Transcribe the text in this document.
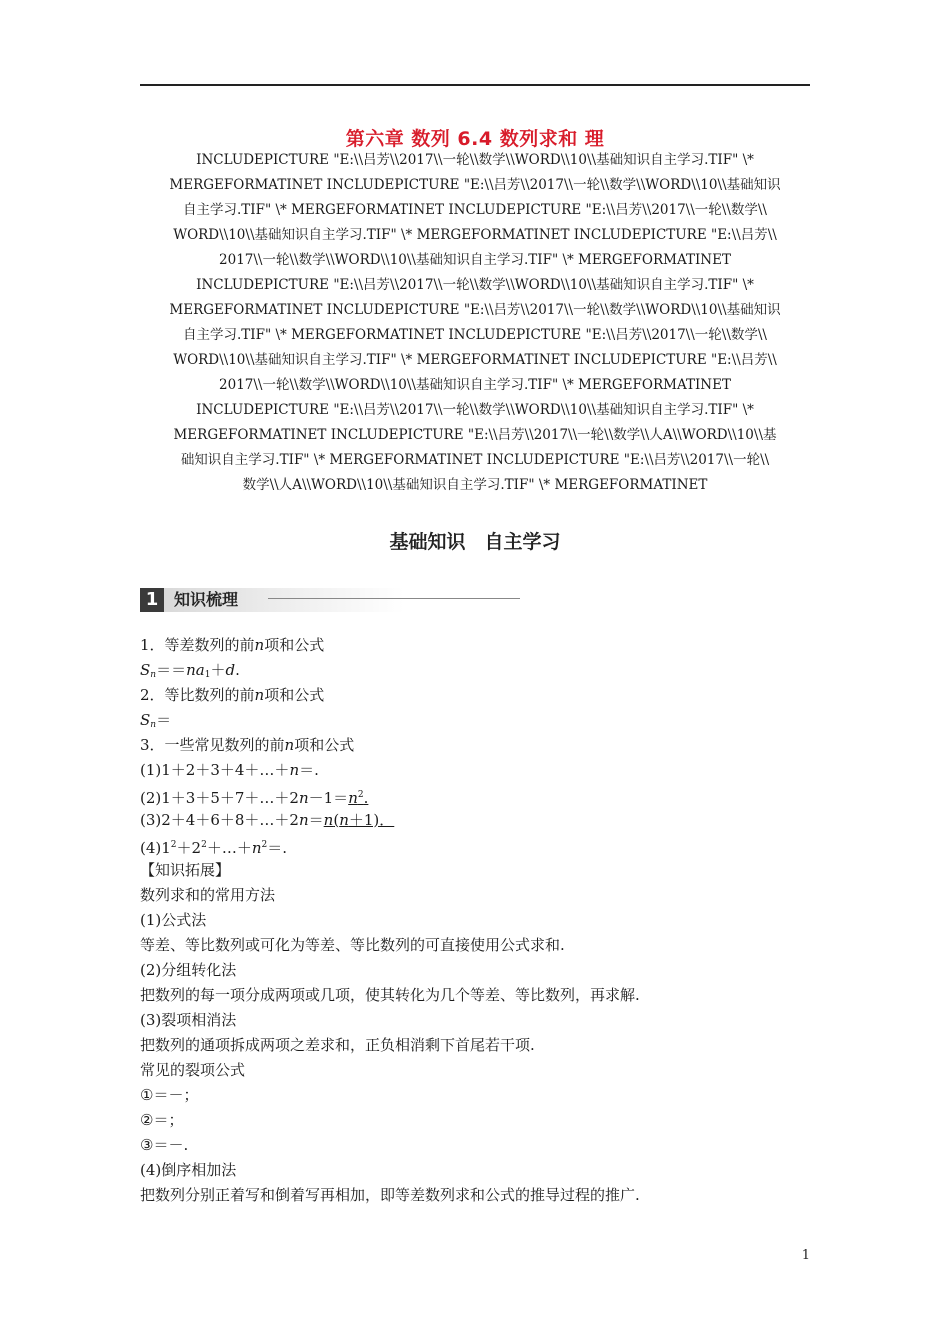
第六章 数列 6.4 数列求和 理
INCLUDEPICTURE "E:\\吕芳\\2017\\一轮\\数学\\WORD\\10\\基础知识自主学习.TIF" \*
MERGEFORMATINET INCLUDEPICTURE "E:\\吕芳\\2017\\一轮\\数学\\WORD\\10\\基础知识
自主学习.TIF" \* MERGEFORMATINET INCLUDEPICTURE "E:\\吕芳\\2017\\一轮\\数学\\
WORD\\10\\基础知识自主学习.TIF" \* MERGEFORMATINET INCLUDEPICTURE "E:\\吕芳\\
2017\\一轮\\数学\\WORD\\10\\基础知识自主学习.TIF" \* MERGEFORMATINET
INCLUDEPICTURE "E:\\吕芳\\2017\\一轮\\数学\\WORD\\10\\基础知识自主学习.TIF" \*
MERGEFORMATINET INCLUDEPICTURE "E:\\吕芳\\2017\\一轮\\数学\\WORD\\10\\基础知识
自主学习.TIF" \* MERGEFORMATINET INCLUDEPICTURE "E:\\吕芳\\2017\\一轮\\数学\\
WORD\\10\\基础知识自主学习.TIF" \* MERGEFORMATINET INCLUDEPICTURE "E:\\吕芳\\
2017\\一轮\\数学\\WORD\\10\\基础知识自主学习.TIF" \* MERGEFORMATINET
INCLUDEPICTURE "E:\\吕芳\\2017\\一轮\\数学\\WORD\\10\\基础知识自主学习.TIF" \*
MERGEFORMATINET INCLUDEPICTURE "E:\\吕芳\\2017\\一轮\\数学\\人A\\WORD\\10\\基
础知识自主学习.TIF" \* MERGEFORMATINET INCLUDEPICTURE "E:\\吕芳\\2017\\一轮\\
数学\\人A\\WORD\\10\\基础知识自主学习.TIF" \* MERGEFORMATINET
基础知识　自主学习
1 知识梳理
1．等差数列的前n项和公式
$S_n==na_1+d$.
2．等比数列的前n项和公式
$S_n=$
3．一些常见数列的前n项和公式
(1)1＋2＋3＋4＋…＋n＝.
$(2)1+3+5+7+\dots+2n-1=n^2$.
(3)2＋4＋6＋8＋…＋2n＝n(n＋1)．
$(4)1^2+2^2+\dots+n^2=$.
【知识拓展】
数列求和的常用方法
(1)公式法
等差、等比数列或可化为等差、等比数列的可直接使用公式求和.
(2)分组转化法
把数列的每一项分成两项或几项，使其转化为几个等差、等比数列，再求解.
(3)裂项相消法
把数列的通项拆成两项之差求和，正负相消剩下首尾若干项.
常见的裂项公式
①＝－；
②＝；
③＝－.
(4)倒序相加法
把数列分别正着写和倒着写再相加，即等差数列求和公式的推导过程的推广.
1
